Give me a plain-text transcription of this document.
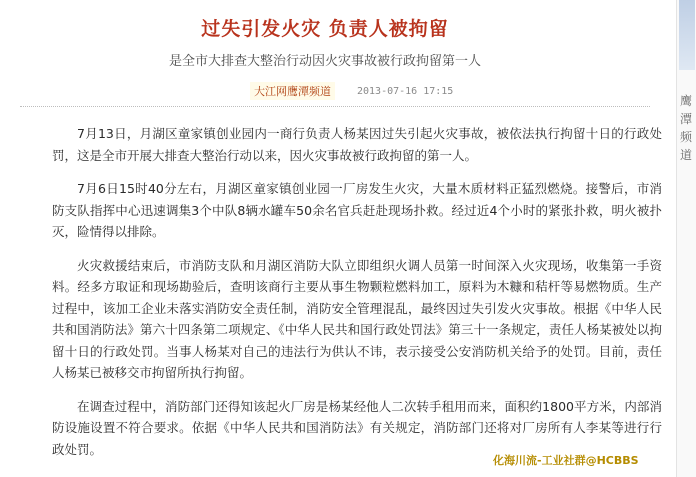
过失引发火灾 负责人被拘留
是全市大排查大整治行动因火灾事故被行政拘留第一人
大江网鹰潭频道	2013-07-16 17:15

7月13日，月湖区童家镇创业园内一商行负责人杨某因过失引起火灾事故，被依法执行拘留十日的行政处罚，这是全市开展大排查大整治行动以来，因火灾事故被行政拘留的第一人。

7月6日15时40分左右，月湖区童家镇创业园一厂房发生火灾，大量木质材料正猛烈燃烧。接警后，市消防支队指挥中心迅速调集3个中队8辆水罐车50余名官兵赶赴现场扑救。经过近4个小时的紧张扑救，明火被扑灭，险情得以排除。

火灾救援结束后，市消防支队和月湖区消防大队立即组织火调人员第一时间深入火灾现场，收集第一手资料。经多方取证和现场勘验后，查明该商行主要从事生物颗粒燃料加工，原料为木糠和秸杆等易燃物质。生产过程中，该加工企业未落实消防安全责任制，消防安全管理混乱，最终因过失引发火灾事故。根据《中华人民共和国消防法》第六十四条第二项规定、《中华人民共和国行政处罚法》第三十一条规定，责任人杨某被处以拘留十日的行政处罚。当事人杨某对自己的违法行为供认不讳，表示接受公安消防机关给予的处罚。目前，责任人杨某已被移交市拘留所执行拘留。

在调查过程中，消防部门还得知该起火厂房是杨某经他人二次转手租用而来，面积约1800平方米，内部消防设施设置不符合要求。依据《中华人民共和国消防法》有关规定，消防部门还将对厂房所有人李某等进行行政处罚。

化海川流-工业社群@HCBBS
鹰潭频道
